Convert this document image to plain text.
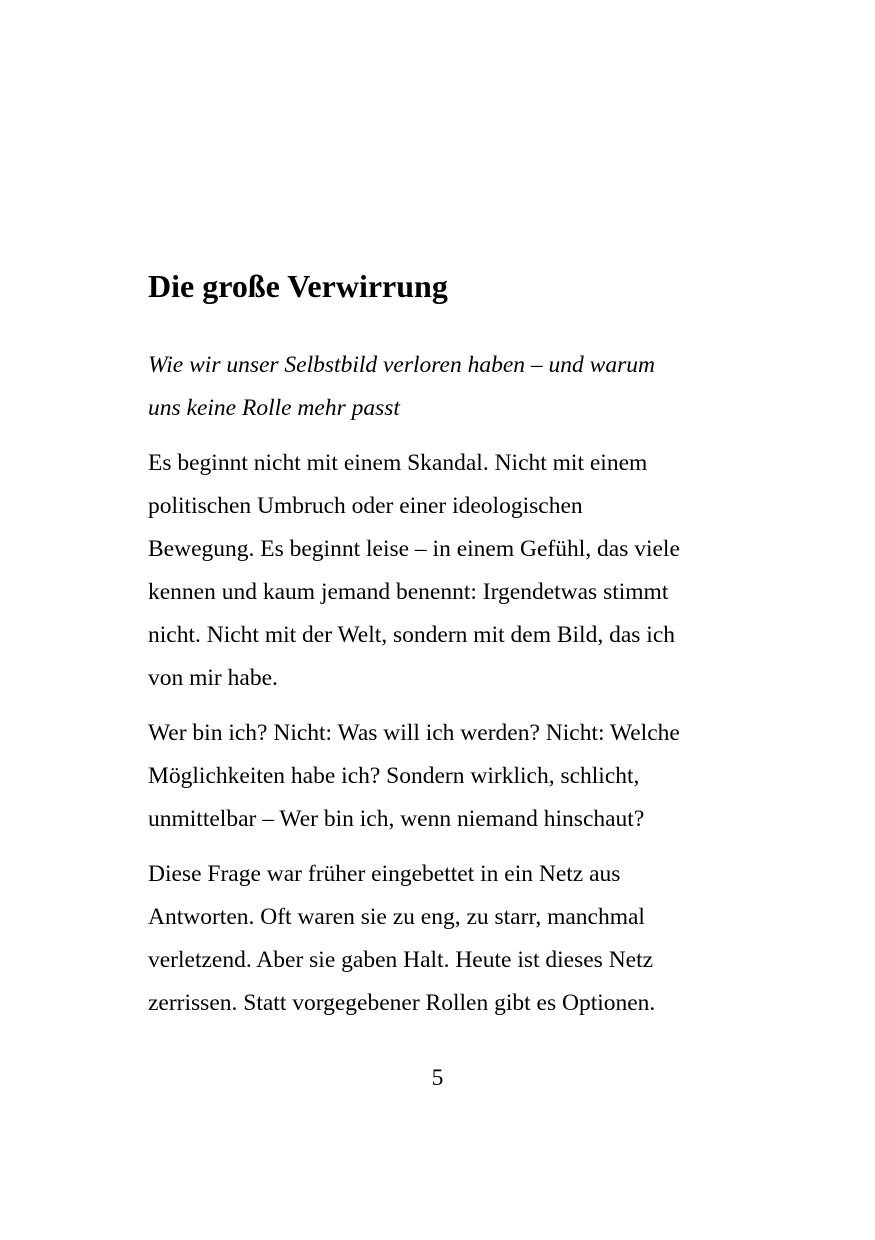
Die große Verwirrung

Wie wir unser Selbstbild verloren haben – und warum
uns keine Rolle mehr passt

Es beginnt nicht mit einem Skandal. Nicht mit einem
politischen Umbruch oder einer ideologischen
Bewegung. Es beginnt leise – in einem Gefühl, das viele
kennen und kaum jemand benennt: Irgendetwas stimmt
nicht. Nicht mit der Welt, sondern mit dem Bild, das ich
von mir habe.

Wer bin ich? Nicht: Was will ich werden? Nicht: Welche
Möglichkeiten habe ich? Sondern wirklich, schlicht,
unmittelbar – Wer bin ich, wenn niemand hinschaut?

Diese Frage war früher eingebettet in ein Netz aus
Antworten. Oft waren sie zu eng, zu starr, manchmal
verletzend. Aber sie gaben Halt. Heute ist dieses Netz
zerrissen. Statt vorgegebener Rollen gibt es Optionen.

5
